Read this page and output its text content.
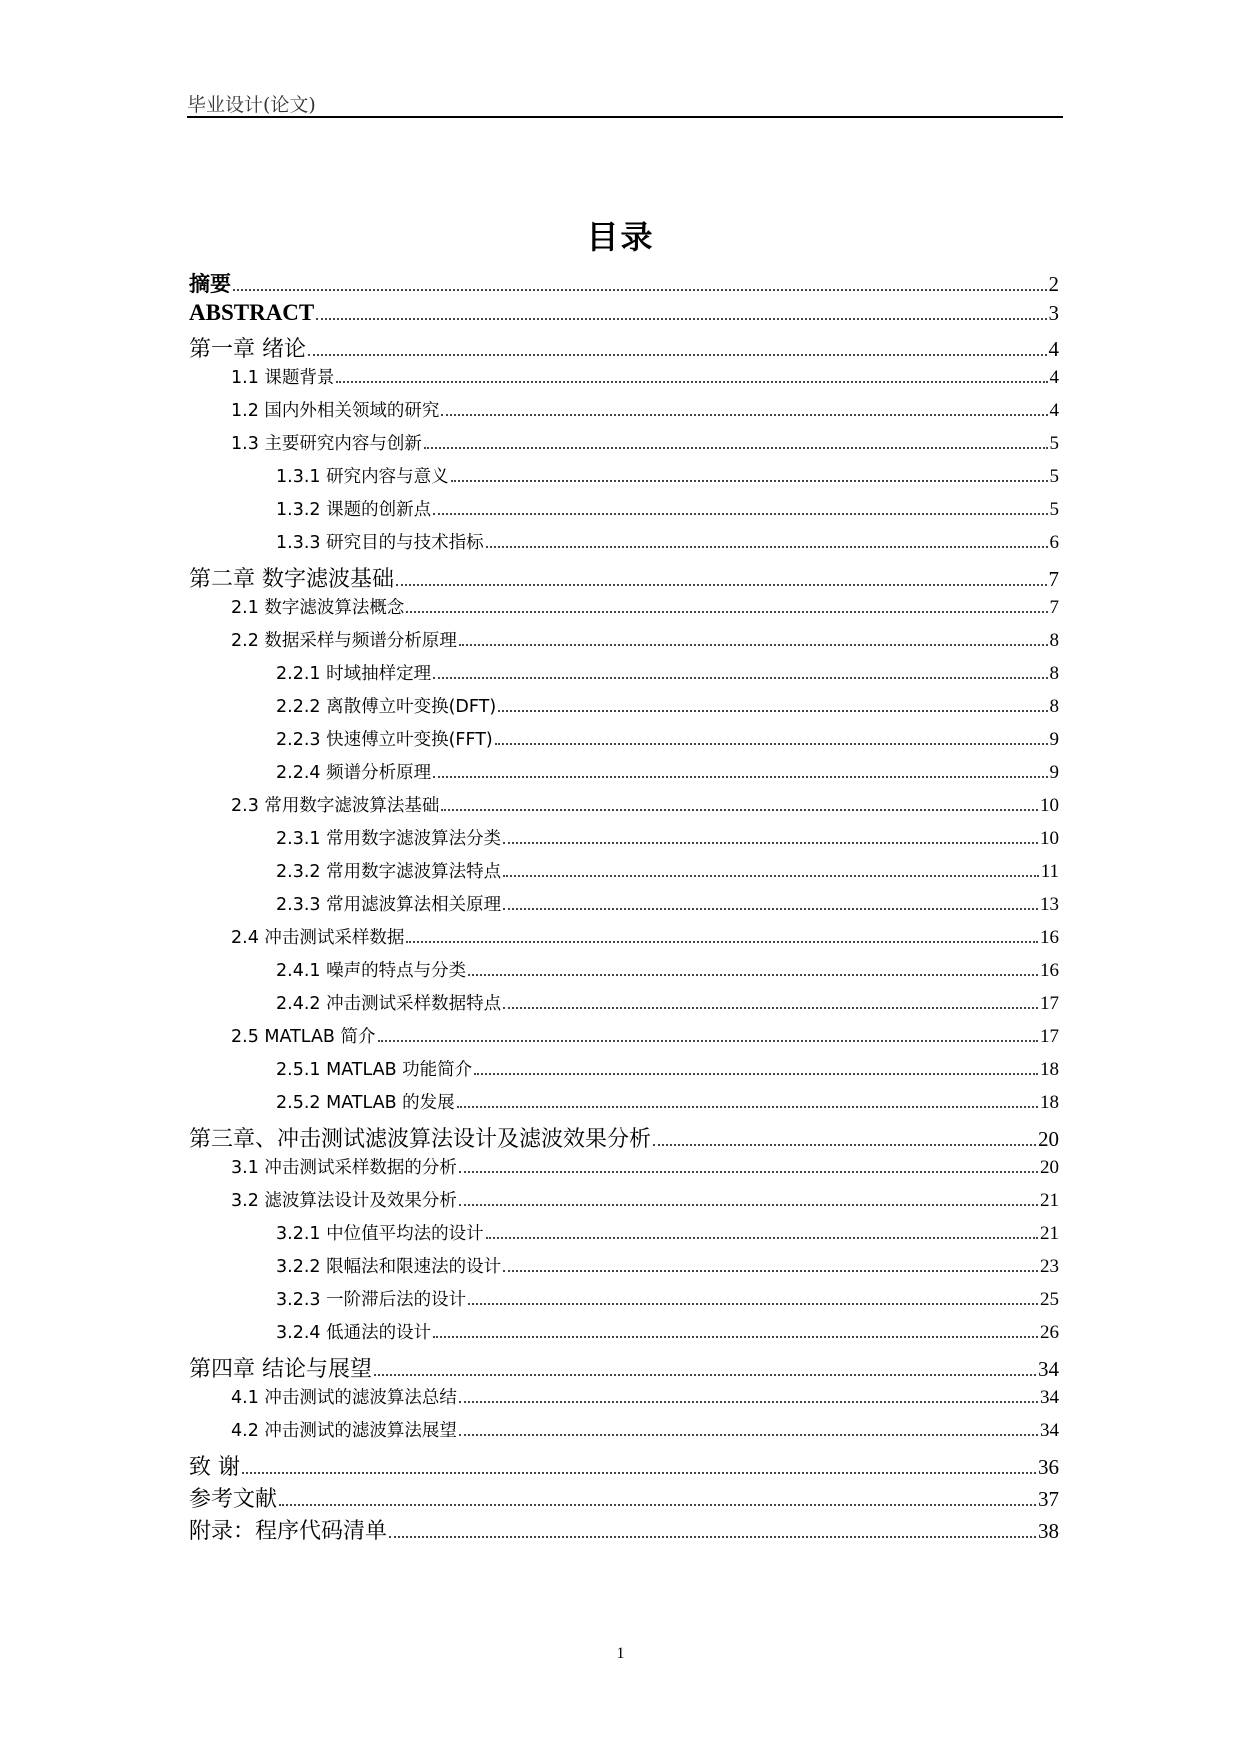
毕业设计(论文)
目录
摘要	2
ABSTRACT	3
第一章 绪论	4
1.1 课题背景	4
1.2 国内外相关领域的研究	4
1.3 主要研究内容与创新	5
1.3.1 研究内容与意义	5
1.3.2 课题的创新点	5
1.3.3 研究目的与技术指标	6
第二章 数字滤波基础	7
2.1 数字滤波算法概念	7
2.2 数据采样与频谱分析原理	8
2.2.1 时域抽样定理	8
2.2.2 离散傅立叶变换(DFT)	8
2.2.3 快速傅立叶变换(FFT)	9
2.2.4 频谱分析原理	9
2.3 常用数字滤波算法基础	10
2.3.1 常用数字滤波算法分类	10
2.3.2 常用数字滤波算法特点	11
2.3.3 常用滤波算法相关原理	13
2.4 冲击测试采样数据	16
2.4.1 噪声的特点与分类	16
2.4.2 冲击测试采样数据特点	17
2.5 MATLAB 简介	17
2.5.1 MATLAB 功能简介	18
2.5.2 MATLAB 的发展	18
第三章、冲击测试滤波算法设计及滤波效果分析	20
3.1 冲击测试采样数据的分析	20
3.2 滤波算法设计及效果分析	21
3.2.1 中位值平均法的设计	21
3.2.2 限幅法和限速法的设计	23
3.2.3 一阶滞后法的设计	25
3.2.4 低通法的设计	26
第四章 结论与展望	34
4.1 冲击测试的滤波算法总结	34
4.2 冲击测试的滤波算法展望	34
致 谢	36
参考文献	37
附录：程序代码清单	38
1
